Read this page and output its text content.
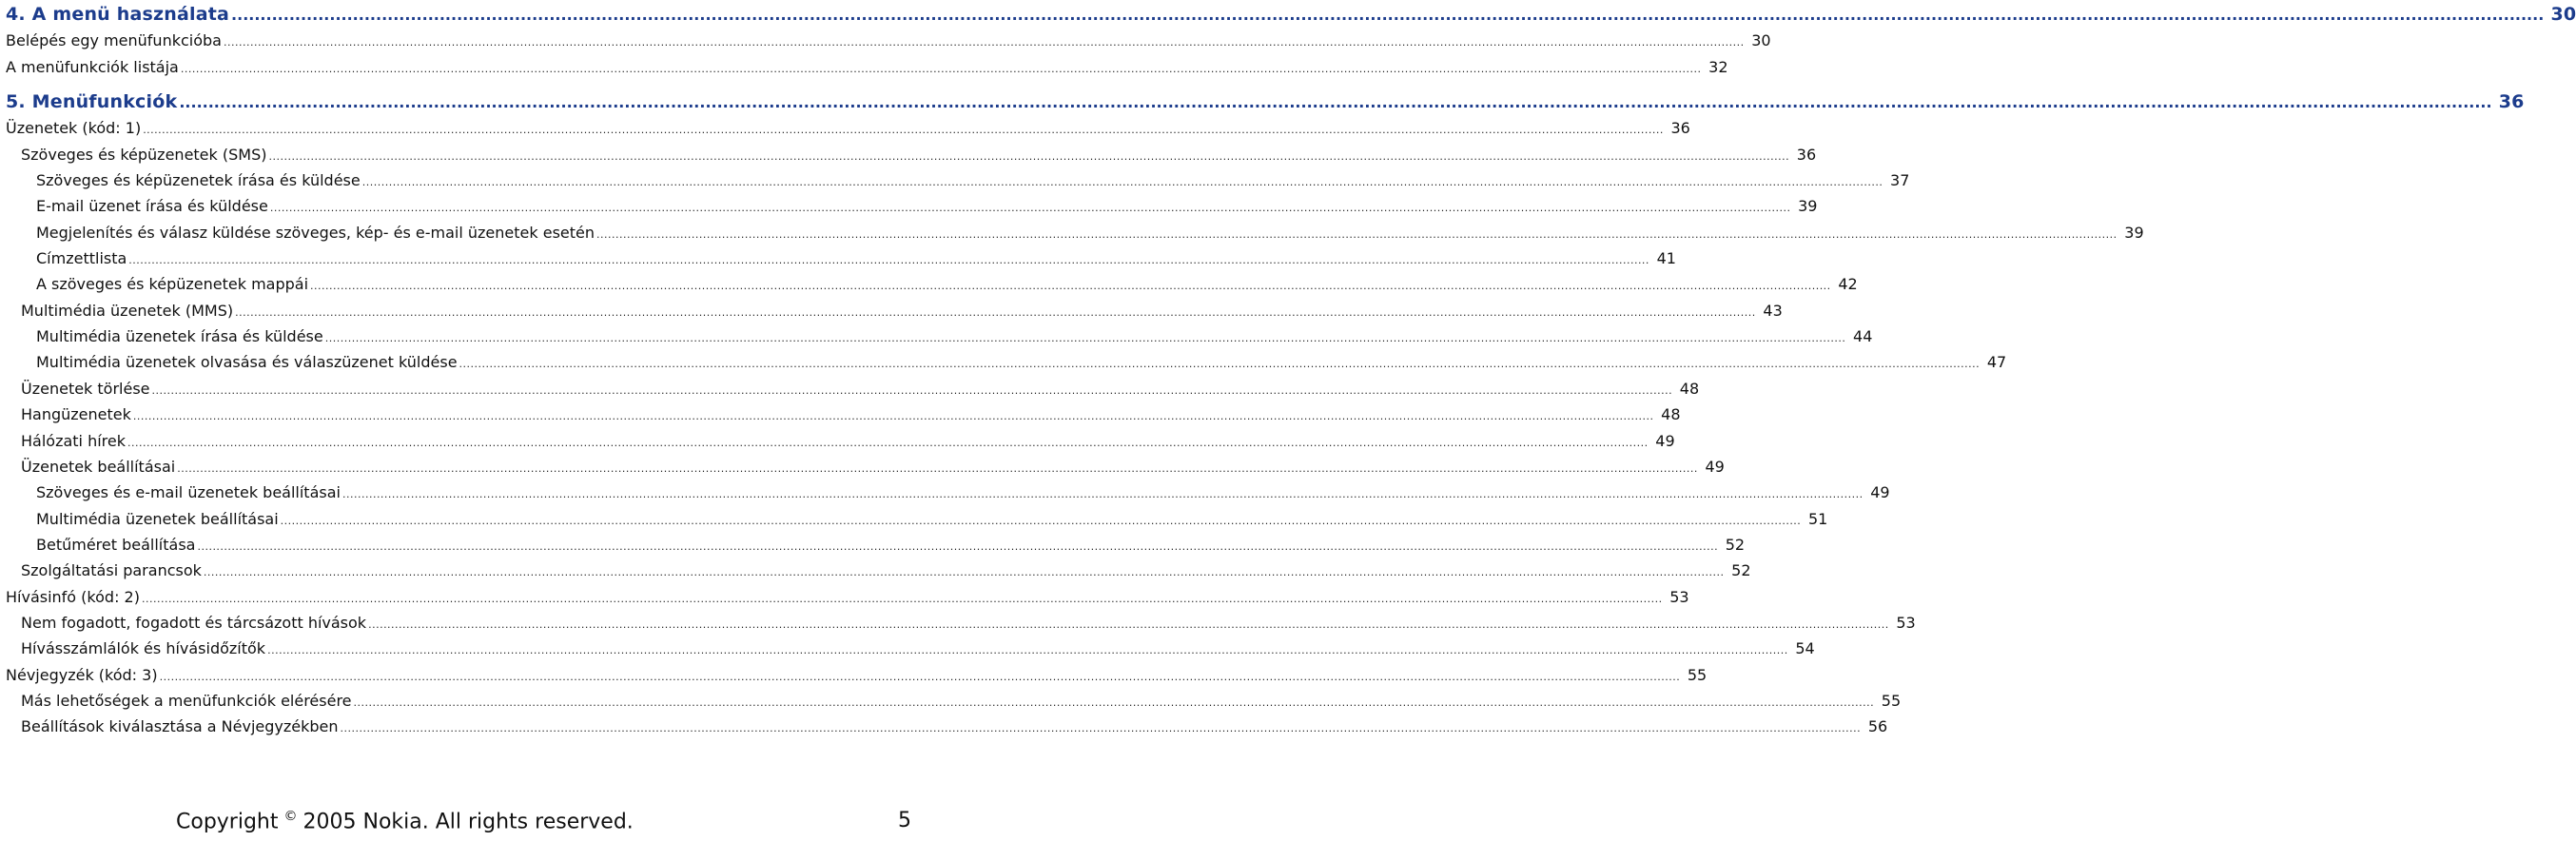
4. A menü használata ................................................................................................................................................................................................................................................................................................................................................................................................................ 30
Belépés egy menüfunkcióba ................................................................................................................................................................................................................................................................................................................................................................................................................ 30
A menüfunkciók listája ................................................................................................................................................................................................................................................................................................................................................................................................................ 32
5. Menüfunkciók ................................................................................................................................................................................................................................................................................................................................................................................................................ 36
Üzenetek (kód: 1) ................................................................................................................................................................................................................................................................................................................................................................................................................ 36
Szöveges és képüzenetek (SMS) ................................................................................................................................................................................................................................................................................................................................................................................................................ 36
Szöveges és képüzenetek írása és küldése ................................................................................................................................................................................................................................................................................................................................................................................................................ 37
E-mail üzenet írása és küldése ................................................................................................................................................................................................................................................................................................................................................................................................................ 39
Megjelenítés és válasz küldése szöveges, kép- és e-mail üzenetek esetén ................................................................................................................................................................................................................................................................................................................................................................................................................ 39
Címzettlista ................................................................................................................................................................................................................................................................................................................................................................................................................ 41
A szöveges és képüzenetek mappái ................................................................................................................................................................................................................................................................................................................................................................................................................ 42
Multimédia üzenetek (MMS) ................................................................................................................................................................................................................................................................................................................................................................................................................ 43
Multimédia üzenetek írása és küldése ................................................................................................................................................................................................................................................................................................................................................................................................................ 44
Multimédia üzenetek olvasása és válaszüzenet küldése ................................................................................................................................................................................................................................................................................................................................................................................................................ 47
Üzenetek törlése ................................................................................................................................................................................................................................................................................................................................................................................................................ 48
Hangüzenetek ................................................................................................................................................................................................................................................................................................................................................................................................................ 48
Hálózati hírek ................................................................................................................................................................................................................................................................................................................................................................................................................ 49
Üzenetek beállításai ................................................................................................................................................................................................................................................................................................................................................................................................................ 49
Szöveges és e-mail üzenetek beállításai ................................................................................................................................................................................................................................................................................................................................................................................................................ 49
Multimédia üzenetek beállításai ................................................................................................................................................................................................................................................................................................................................................................................................................ 51
Betűméret beállítása ................................................................................................................................................................................................................................................................................................................................................................................................................ 52
Szolgáltatási parancsok ................................................................................................................................................................................................................................................................................................................................................................................................................ 52
Hívásinfó (kód: 2) ................................................................................................................................................................................................................................................................................................................................................................................................................ 53
Nem fogadott, fogadott és tárcsázott hívások ................................................................................................................................................................................................................................................................................................................................................................................................................ 53
Hívásszámlálók és hívásidőzítők ................................................................................................................................................................................................................................................................................................................................................................................................................ 54
Névjegyzék (kód: 3) ................................................................................................................................................................................................................................................................................................................................................................................................................ 55
Más lehetőségek a menüfunkciók elérésére ................................................................................................................................................................................................................................................................................................................................................................................................................ 55
Beállítások kiválasztása a Névjegyzékben ................................................................................................................................................................................................................................................................................................................................................................................................................ 56
Copyright © 2005 Nokia. All rights reserved.	5
